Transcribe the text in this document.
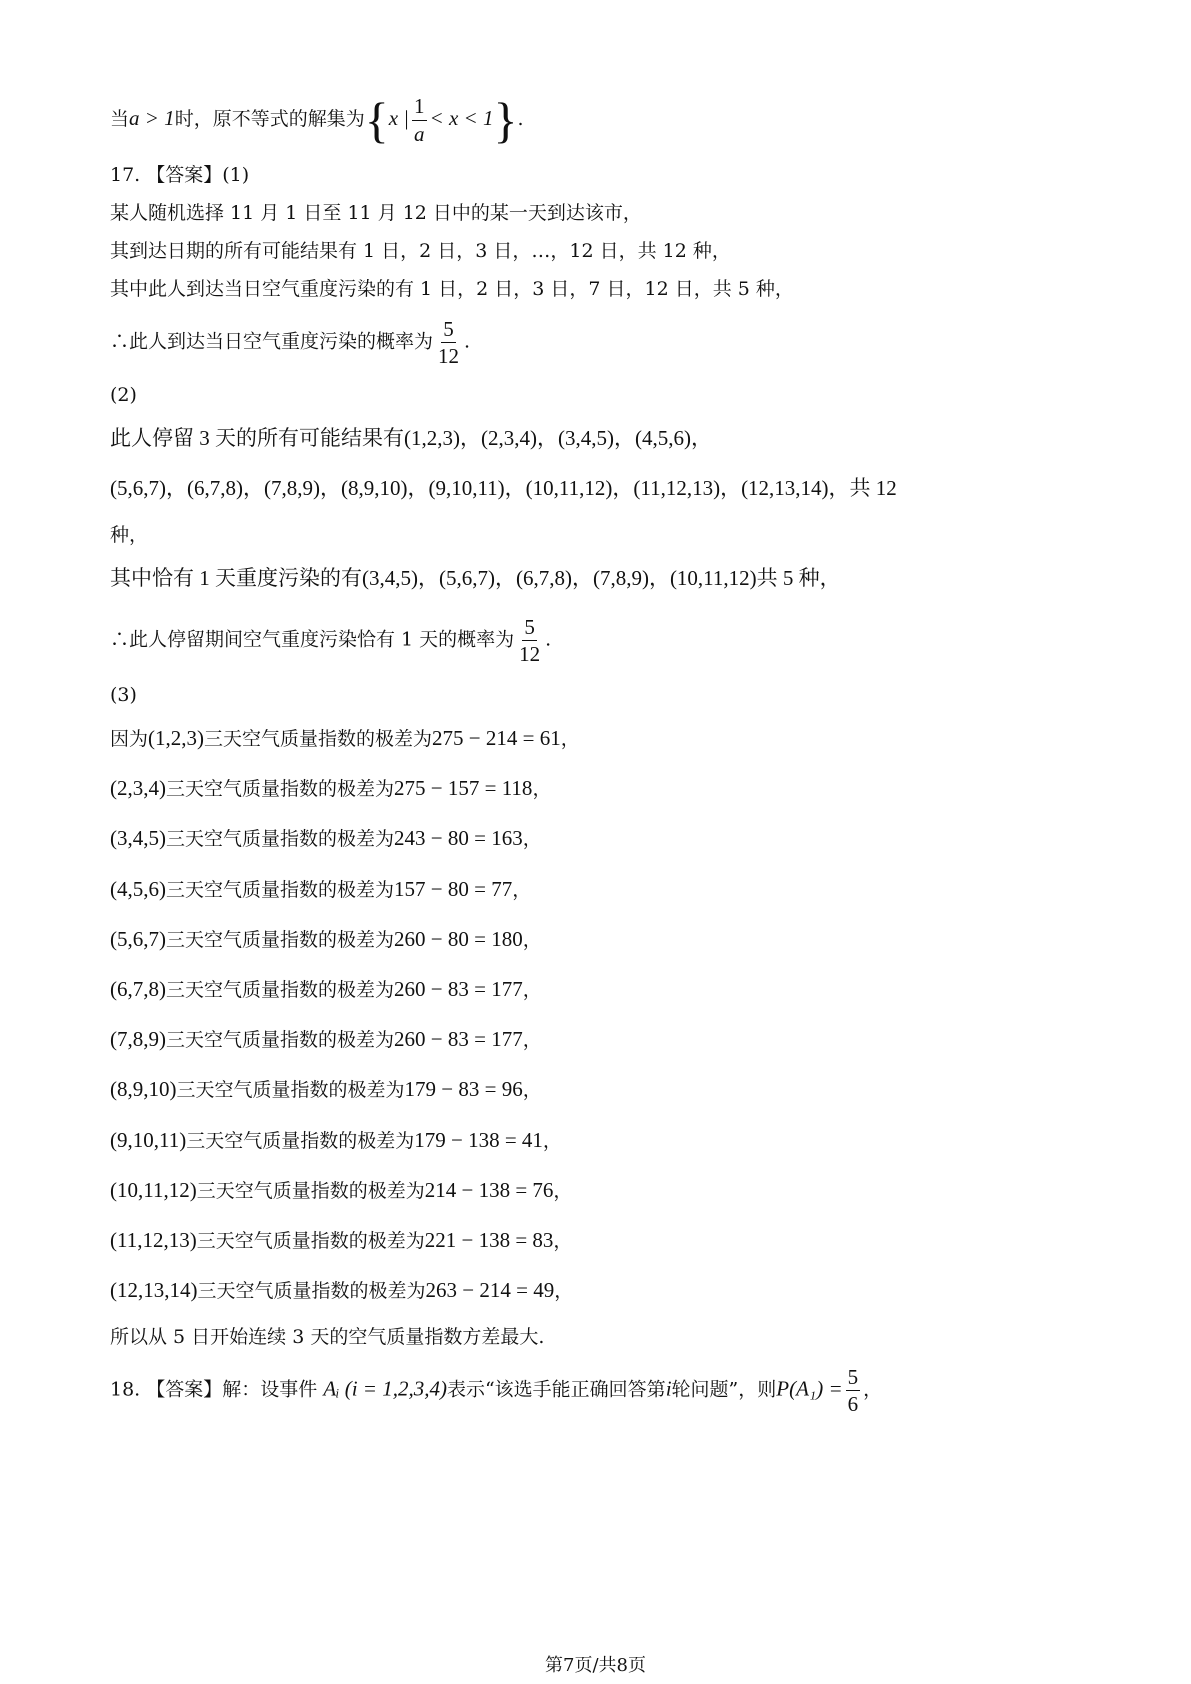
当a > 1时，原不等式的解集为{x | $\frac{1}{a} < x < 1$}.
17. 【答案】(1)
某人随机选择 11 月 1 日至 11 月 12 日中的某一天到达该市，
其到达日期的所有可能结果有 1 日，2 日，3 日，…，12 日，共 12 种，
其中此人到达当日空气重度污染的有 1 日，2 日，3 日，7 日，12 日，共 5 种，
∴此人到达当日空气重度污染的概率为 $\frac{5}{12}$ .
(2)
此人停留 3 天的所有可能结果有(1,2,3)，(2,3,4)，(3,4,5)，(4,5,6)，
(5,6,7)，(6,7,8)，(7,8,9)，(8,9,10)，(9,10,11)，(10,11,12)，(11,12,13)，(12,13,14)，共 12
种，
其中恰有 1 天重度污染的有(3,4,5)，(5,6,7)，(6,7,8)，(7,8,9)，(10,11,12)共 5 种，
∴此人停留期间空气重度污染恰有 1 天的概率为 $\frac{5}{12}$ .
(3)
因为(1,2,3)三天空气质量指数的极差为275 − 214 = 61，
(2,3,4)三天空气质量指数的极差为275 − 157 = 118，
(3,4,5)三天空气质量指数的极差为243 − 80 = 163，
(4,5,6)三天空气质量指数的极差为157 − 80 = 77，
(5,6,7)三天空气质量指数的极差为260 − 80 = 180，
(6,7,8)三天空气质量指数的极差为260 − 83 = 177，
(7,8,9)三天空气质量指数的极差为260 − 83 = 177，
(8,9,10)三天空气质量指数的极差为179 − 83 = 96，
(9,10,11)三天空气质量指数的极差为179 − 138 = 41，
(10,11,12)三天空气质量指数的极差为214 − 138 = 76，
(11,12,13)三天空气质量指数的极差为221 − 138 = 83，
(12,13,14)三天空气质量指数的极差为263 − 214 = 49，
所以从 5 日开始连续 3 天的空气质量指数方差最大.
18. 【答案】解：设事件 Aᵢ (i = 1,2,3,4)表示“该选手能正确回答第i轮问题”，则$P(A_1) = \frac{5}{6}$ ，
第7页/共8页
